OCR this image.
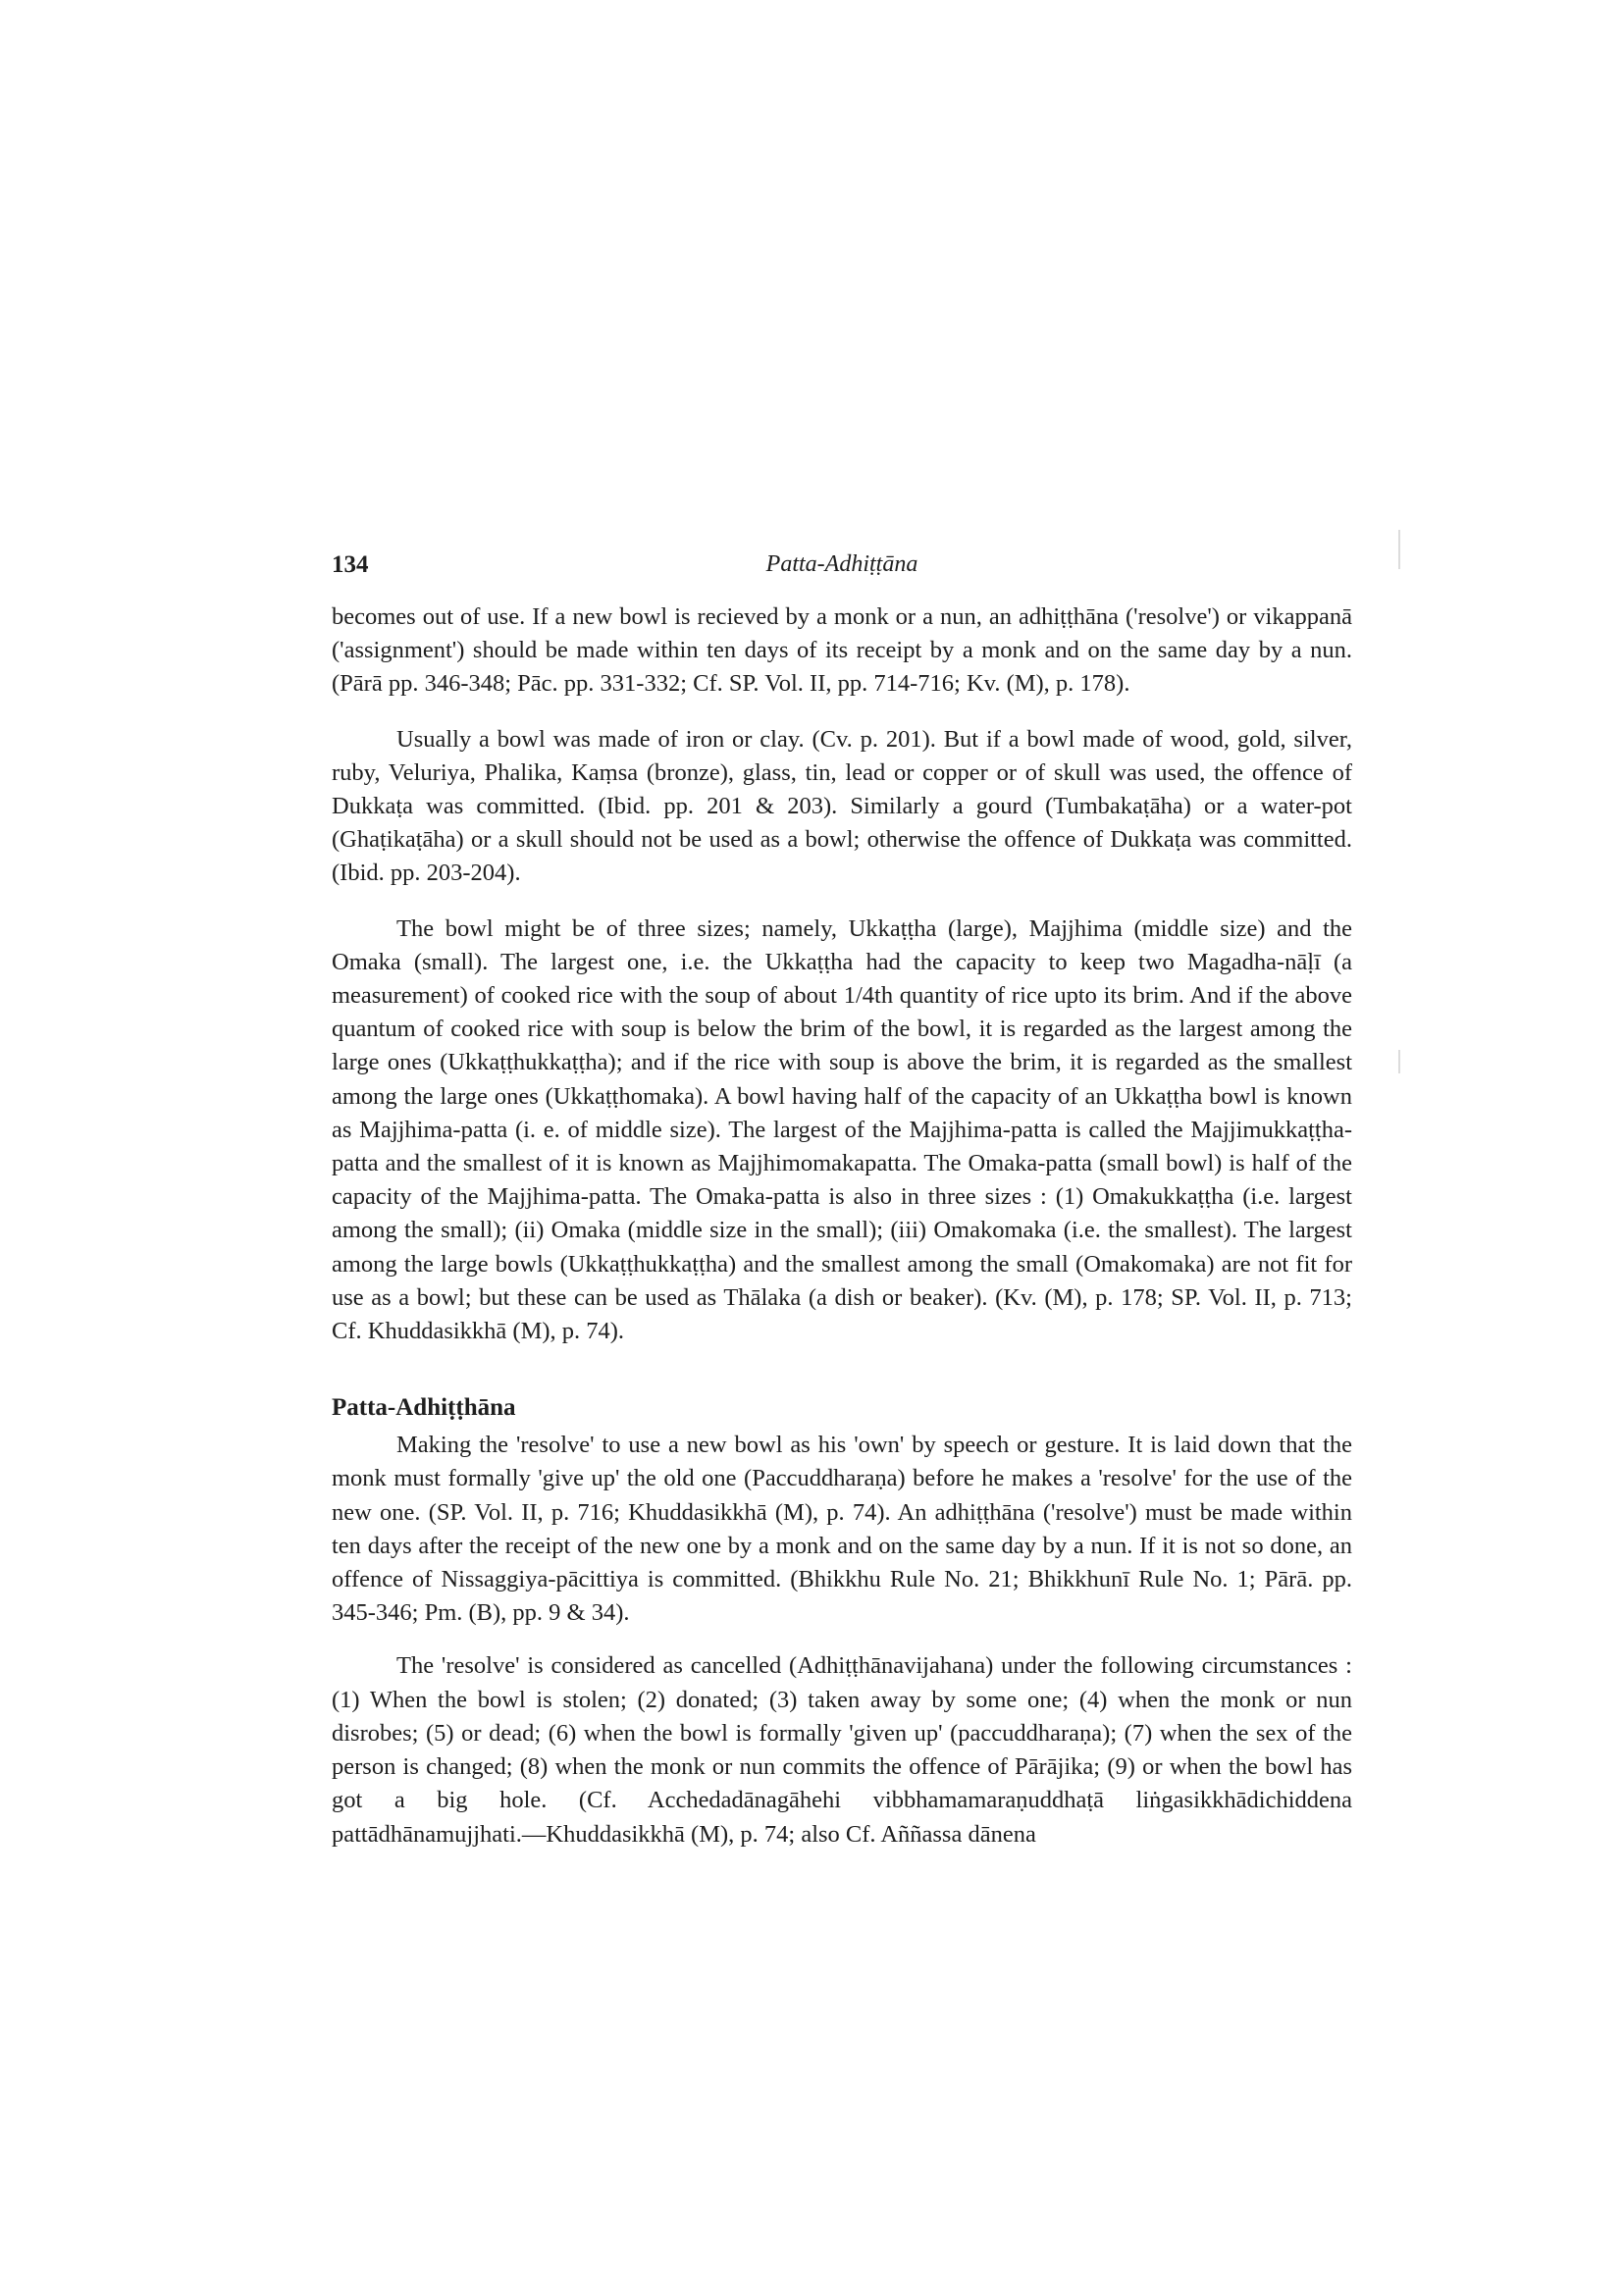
134	Patta-Adhiṭṭāna

becomes out of use. If a new bowl is recieved by a monk or a nun, an adhiṭṭhāna ('resolve') or vikappanā ('assignment') should be made within ten days of its receipt by a monk and on the same day by a nun. (Pārā pp. 346-348; Pāc. pp. 331-332; Cf. SP. Vol. II, pp. 714-716; Kv. (M), p. 178).

Usually a bowl was made of iron or clay. (Cv. p. 201). But if a bowl made of wood, gold, silver, ruby, Veluriya, Phalika, Kaṃsa (bronze), glass, tin, lead or copper or of skull was used, the offence of Dukkaṭa was committed. (Ibid. pp. 201 & 203). Similarly a gourd (Tumbakaṭāha) or a water-pot (Ghaṭikaṭāha) or a skull should not be used as a bowl; otherwise the offence of Dukkaṭa was committed. (Ibid. pp. 203-204).

The bowl might be of three sizes; namely, Ukkaṭṭha (large), Majjhima (middle size) and the Omaka (small). The largest one, i.e. the Ukkaṭṭha had the capacity to keep two Magadha-nāḷī (a measurement) of cooked rice with the soup of about 1/4th quantity of rice upto its brim. And if the above quantum of cooked rice with soup is below the brim of the bowl, it is regarded as the largest among the large ones (Ukkaṭṭhukkaṭṭha); and if the rice with soup is above the brim, it is regarded as the smallest among the large ones (Ukkaṭṭhomaka). A bowl having half of the capacity of an Ukkaṭṭha bowl is known as Majjhima-patta (i. e. of middle size). The largest of the Majjhima-patta is called the Majjimukkaṭṭha-patta and the smallest of it is known as Majjhimomakapatta. The Omaka-patta (small bowl) is half of the capacity of the Majjhima-patta. The Omaka-patta is also in three sizes : (1) Omakukkaṭṭha (i.e. largest among the small); (ii) Omaka (middle size in the small); (iii) Omakomaka (i.e. the smallest). The largest among the large bowls (Ukkaṭṭhukkaṭṭha) and the smallest among the small (Omakomaka) are not fit for use as a bowl; but these can be used as Thālaka (a dish or beaker). (Kv. (M), p. 178; SP. Vol. II, p. 713; Cf. Khuddasikkhā (M), p. 74).

Patta-Adhiṭṭhāna

Making the 'resolve' to use a new bowl as his 'own' by speech or gesture. It is laid down that the monk must formally 'give up' the old one (Paccuddharaṇa) before he makes a 'resolve' for the use of the new one. (SP. Vol. II, p. 716; Khuddasikkhā (M), p. 74). An adhiṭṭhāna ('resolve') must be made within ten days after the receipt of the new one by a monk and on the same day by a nun. If it is not so done, an offence of Nissaggiya-pācittiya is committed. (Bhikkhu Rule No. 21; Bhikkhunī Rule No. 1; Pārā. pp. 345-346; Pm. (B), pp. 9 & 34).

The 'resolve' is considered as cancelled (Adhiṭṭhānavijahana) under the following circumstances : (1) When the bowl is stolen; (2) donated; (3) taken away by some one; (4) when the monk or nun disrobes; (5) or dead; (6) when the bowl is formally 'given up' (paccuddharaṇa); (7) when the sex of the person is changed; (8) when the monk or nun commits the offence of Pārājika; (9) or when the bowl has got a big hole. (Cf. Acchedadānagāhehi vibbhamamaraṇuddhaṭā liṅgasikkhādichiddena pattādhānamujjhati.—Khuddasikkhā (M), p. 74; also Cf. Aññassa dānena
